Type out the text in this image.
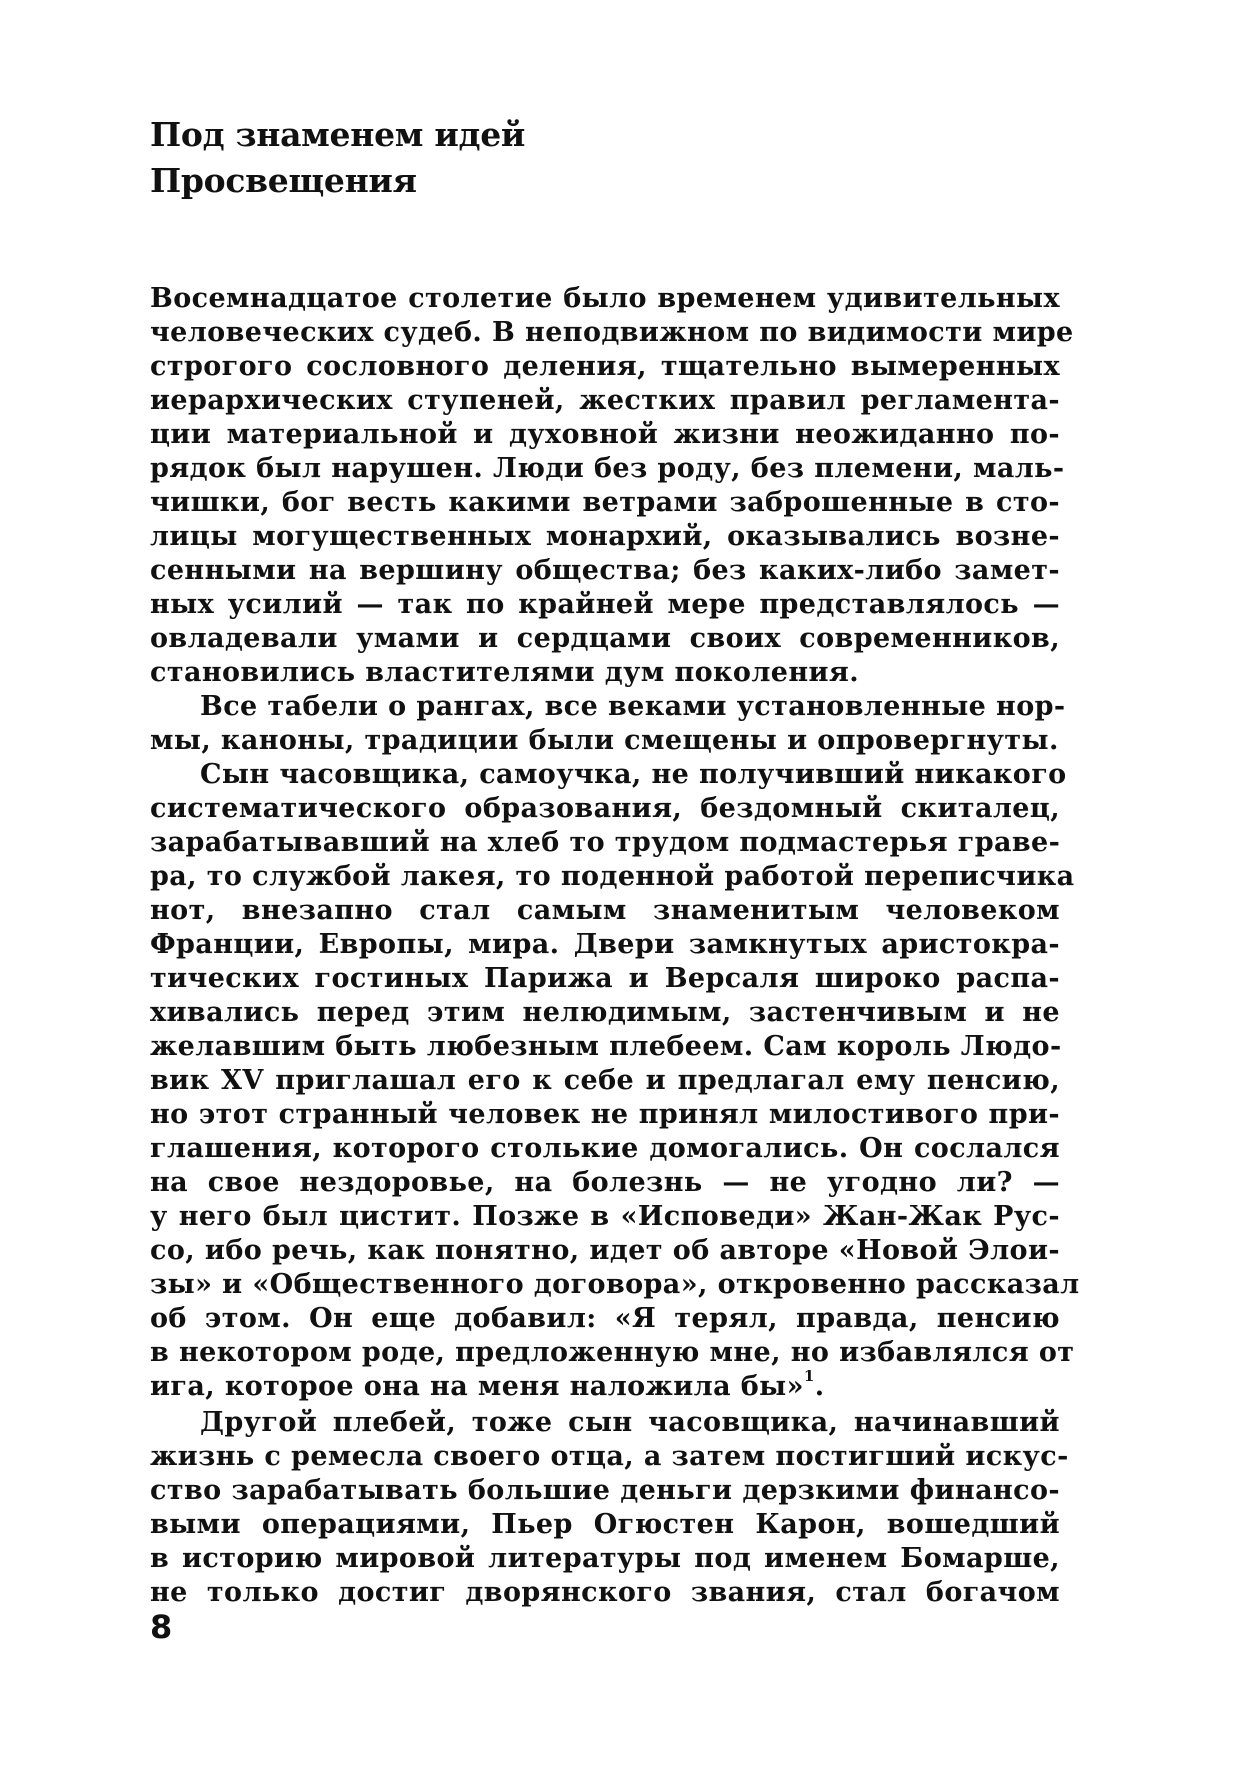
Под знаменем идей
Просвещения
Восемнадцатое столетие было временем удивительных
человеческих судеб. В неподвижном по видимости мире
строгого сословного деления, тщательно вымеренных
иерархических ступеней, жестких правил регламента-
ции материальной и духовной жизни неожиданно по-
рядок был нарушен. Люди без роду, без племени, маль-
чишки, бог весть какими ветрами заброшенные в сто-
лицы могущественных монархий, оказывались возне-
сенными на вершину общества; без каких-либо замет-
ных усилий — так по крайней мере представлялось —
овладевали умами и сердцами своих современников,
становились властителями дум поколения.
Все табели о рангах, все веками установленные нор-
мы, каноны, традиции были смещены и опровергнуты.
Сын часовщика, самоучка, не получивший никакого
систематического образования, бездомный скиталец,
зарабатывавший на хлеб то трудом подмастерья граве-
ра, то службой лакея, то поденной работой переписчика
нот, внезапно стал самым знаменитым человеком
Франции, Европы, мира. Двери замкнутых аристокра-
тических гостиных Парижа и Версаля широко распа-
хивались перед этим нелюдимым, застенчивым и не
желавшим быть любезным плебеем. Сам король Людо-
вик XV приглашал его к себе и предлагал ему пенсию,
но этот странный человек не принял милостивого при-
глашения, которого столькие домогались. Он сослался
на свое нездоровье, на болезнь — не угодно ли? —
у него был цистит. Позже в «Исповеди» Жан-Жак Рус-
со, ибо речь, как понятно, идет об авторе «Новой Элои-
зы» и «Общественного договора», откровенно рассказал
об этом. Он еще добавил: «Я терял, правда, пенсию
в некотором роде, предложенную мне, но избавлялся от
ига, которое она на меня наложила бы»$^1$.
Другой плебей, тоже сын часовщика, начинавший
жизнь с ремесла своего отца, а затем постигший искус-
ство зарабатывать большие деньги дерзкими финансо-
выми операциями, Пьер Огюстен Карон, вошедший
в историю мировой литературы под именем Бомарше,
не только достиг дворянского звания, стал богачом
8
